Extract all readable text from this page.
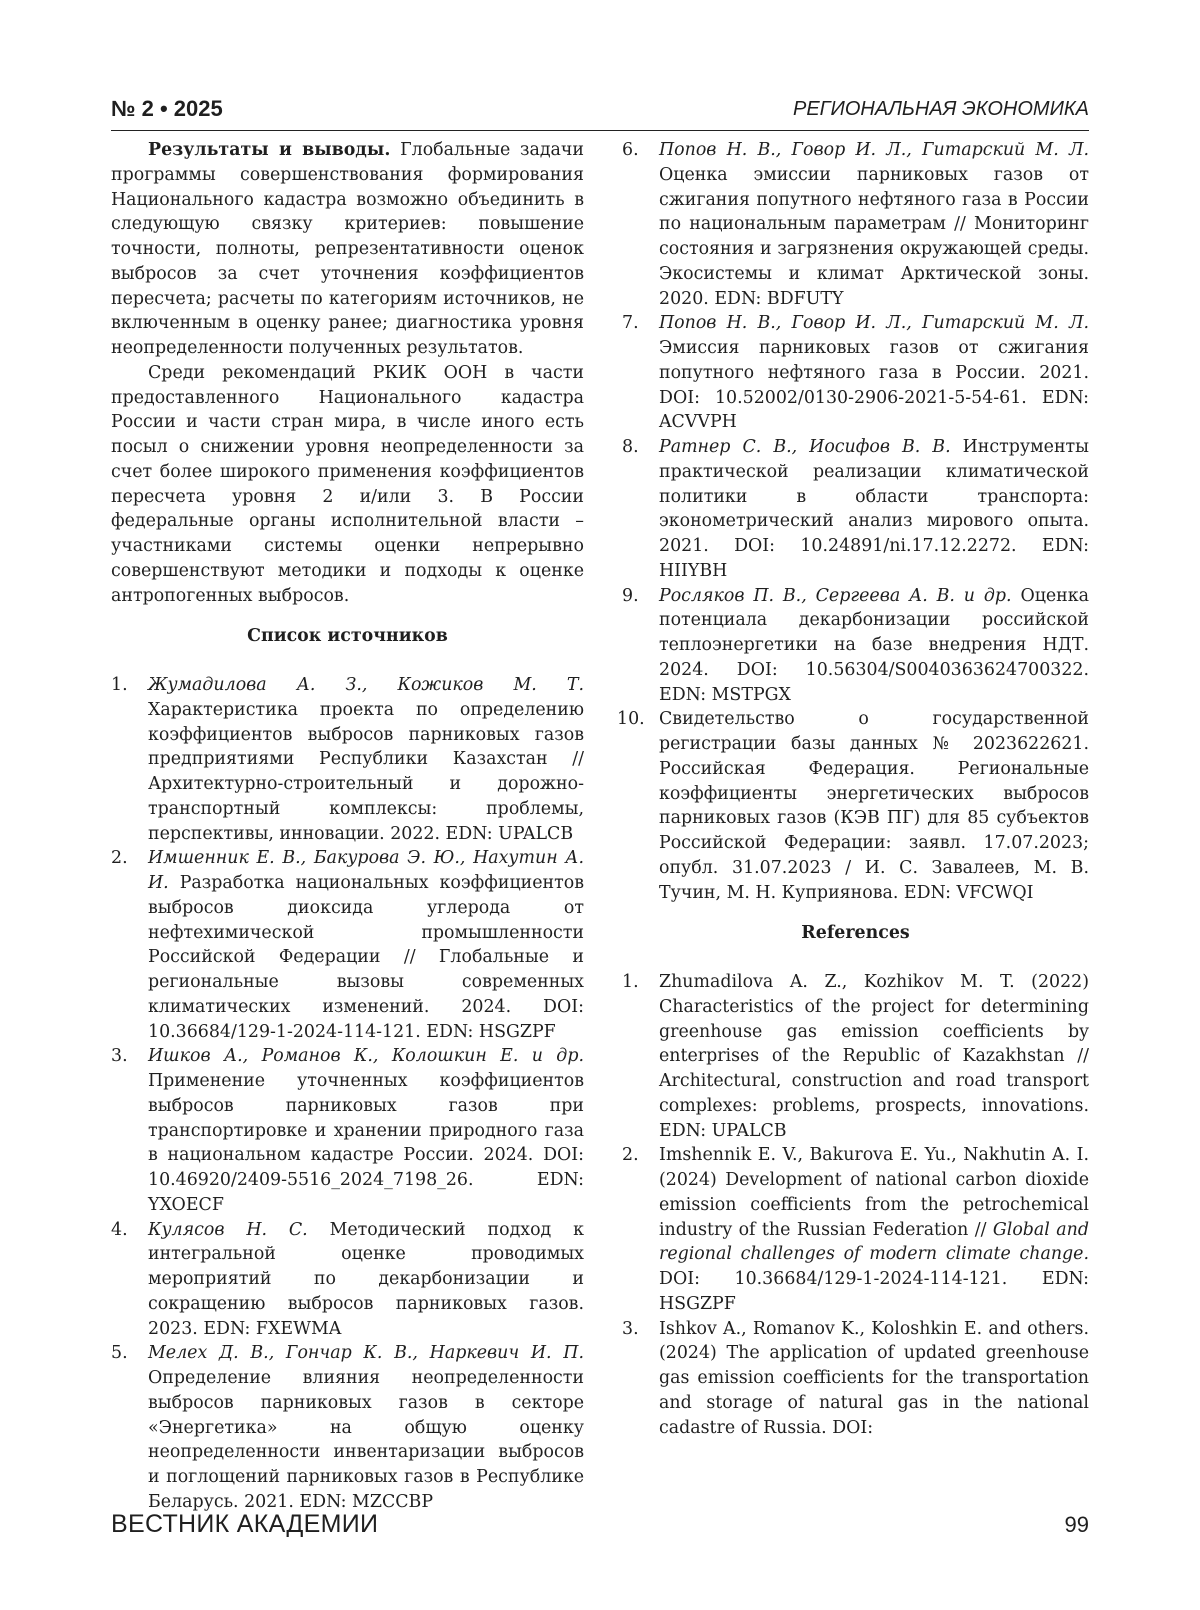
№ 2 • 2025	РЕГИОНАЛЬНАЯ ЭКОНОМИКА

Результаты и выводы. Глобальные задачи программы совершенствования формирования Национального кадастра возможно объединить в следующую связку критериев: повышение точности, полноты, репрезентативности оценок выбросов за счет уточнения коэффициентов пересчета; расчеты по категориям источников, не включенным в оценку ранее; диагностика уровня неопределенности полученных результатов.

Среди рекомендаций РКИК ООН в части предоставленного Национального кадастра России и части стран мира, в числе иного есть посыл о снижении уровня неопределенности за счет более широкого применения коэффициентов пересчета уровня 2 и/или 3. В России федеральные органы исполнительной власти – участниками системы оценки непрерывно совершенствуют методики и подходы к оценке антропогенных выбросов.

Список источников

1. Жумадилова А. З., Кожиков М. Т. Характеристика проекта по определению коэффициентов выбросов парниковых газов предприятиями Республики Казахстан // Архитектурно-строительный и дорожно-транспортный комплексы: проблемы, перспективы, инновации. 2022. EDN: UPALCB
2. Имшенник Е. В., Бакурова Э. Ю., Нахутин А. И. Разработка национальных коэффициентов выбросов диоксида углерода от нефтехимической промышленности Российской Федерации // Глобальные и региональные вызовы современных климатических изменений. 2024. DOI: 10.36684/129-1-2024-114-121. EDN: HSGZPF
3. Ишков А., Романов К., Колошкин Е. и др. Применение уточненных коэффициентов выбросов парниковых газов при транспортировке и хранении природного газа в национальном кадастре России. 2024. DOI: 10.46920/2409-5516_2024_7198_26. EDN: YXOECF
4. Кулясов Н. С. Методический подход к интегральной оценке проводимых мероприятий по декарбонизации и сокращению выбросов парниковых газов. 2023. EDN: FXEWMA
5. Мелех Д. В., Гончар К. В., Наркевич И. П. Определение влияния неопределенности выбросов парниковых газов в секторе «Энергетика» на общую оценку неопределенности инвентаризации выбросов и поглощений парниковых газов в Республике Беларусь. 2021. EDN: MZCCBP
6. Попов Н. В., Говор И. Л., Гитарский М. Л. Оценка эмиссии парниковых газов от сжигания попутного нефтяного газа в России по национальным параметрам // Мониторинг состояния и загрязнения окружающей среды. Экосистемы и климат Арктической зоны. 2020. EDN: BDFUTY
7. Попов Н. В., Говор И. Л., Гитарский М. Л. Эмиссия парниковых газов от сжигания попутного нефтяного газа в России. 2021. DOI: 10.52002/0130-2906-2021-5-54-61. EDN: ACVVPH
8. Ратнер С. В., Иосифов В. В. Инструменты практической реализации климатической политики в области транспорта: эконометрический анализ мирового опыта. 2021. DOI: 10.24891/ni.17.12.2272. EDN: HIIYBH
9. Росляков П. В., Сергеева А. В. и др. Оценка потенциала декарбонизации российской теплоэнергетики на базе внедрения НДТ. 2024. DOI: 10.56304/S0040363624700322. EDN: MSTPGX
10. Свидетельство о государственной регистрации базы данных № 2023622621. Российская Федерация. Региональные коэффициенты энергетических выбросов парниковых газов (КЭВ ПГ) для 85 субъектов Российской Федерации: заявл. 17.07.2023; опубл. 31.07.2023 / И. С. Завалеев, М. В. Тучин, М. Н. Куприянова. EDN: VFCWQI

References

1. Zhumadilova A. Z., Kozhikov M. T. (2022) Characteristics of the project for determining greenhouse gas emission coefficients by enterprises of the Republic of Kazakhstan // Architectural, construction and road transport complexes: problems, prospects, innovations. EDN: UPALCB
2. Imshennik E. V., Bakurova E. Yu., Nakhutin A. I. (2024) Development of national carbon dioxide emission coefficients from the petrochemical industry of the Russian Federation // Global and regional challenges of modern climate change. DOI: 10.36684/129-1-2024-114-121. EDN: HSGZPF
3. Ishkov A., Romanov K., Koloshkin E. and others. (2024) The application of updated greenhouse gas emission coefficients for the transportation and storage of natural gas in the national cadastre of Russia. DOI:
ВЕСТНИК АКАДЕМИИ	99
